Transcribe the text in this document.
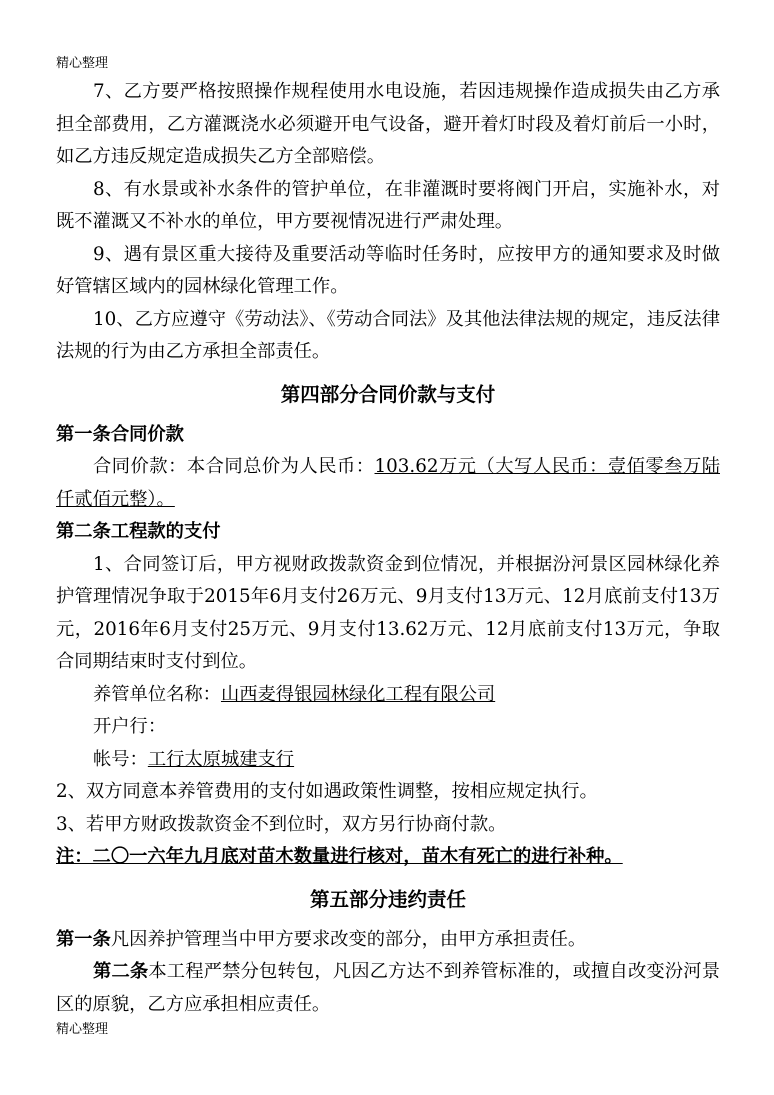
精心整理

7、乙方要严格按照操作规程使用水电设施，若因违规操作造成损失由乙方承担全部费用，乙方灌溉浇水必须避开电气设备，避开着灯时段及着灯前后一小时，如乙方违反规定造成损失乙方全部赔偿。

8、有水景或补水条件的管护单位，在非灌溉时要将阀门开启，实施补水，对既不灌溉又不补水的单位，甲方要视情况进行严肃处理。

9、遇有景区重大接待及重要活动等临时任务时，应按甲方的通知要求及时做好管辖区域内的园林绿化管理工作。

10、乙方应遵守《劳动法》、《劳动合同法》及其他法律法规的规定，违反法律法规的行为由乙方承担全部责任。

第四部分合同价款与支付

第一条合同价款

合同价款：本合同总价为人民币：103.62万元（大写人民币：壹佰零叁万陆仟贰佰元整）。

第二条工程款的支付

1、合同签订后，甲方视财政拨款资金到位情况，并根据汾河景区园林绿化养护管理情况争取于2015年6月支付26万元、9月支付13万元、12月底前支付13万元，2016年6月支付25万元、9月支付13.62万元、12月底前支付13万元，争取合同期结束时支付到位。

养管单位名称：山西麦得银园林绿化工程有限公司

开户行：

帐号：工行太原城建支行

2、双方同意本养管费用的支付如遇政策性调整，按相应规定执行。

3、若甲方财政拨款资金不到位时，双方另行协商付款。

注：二〇一六年九月底对苗木数量进行核对，苗木有死亡的进行补种。

第五部分违约责任

第一条凡因养护管理当中甲方要求改变的部分，由甲方承担责任。

第二条本工程严禁分包转包，凡因乙方达不到养管标准的，或擅自改变汾河景区的原貌，乙方应承担相应责任。

精心整理
